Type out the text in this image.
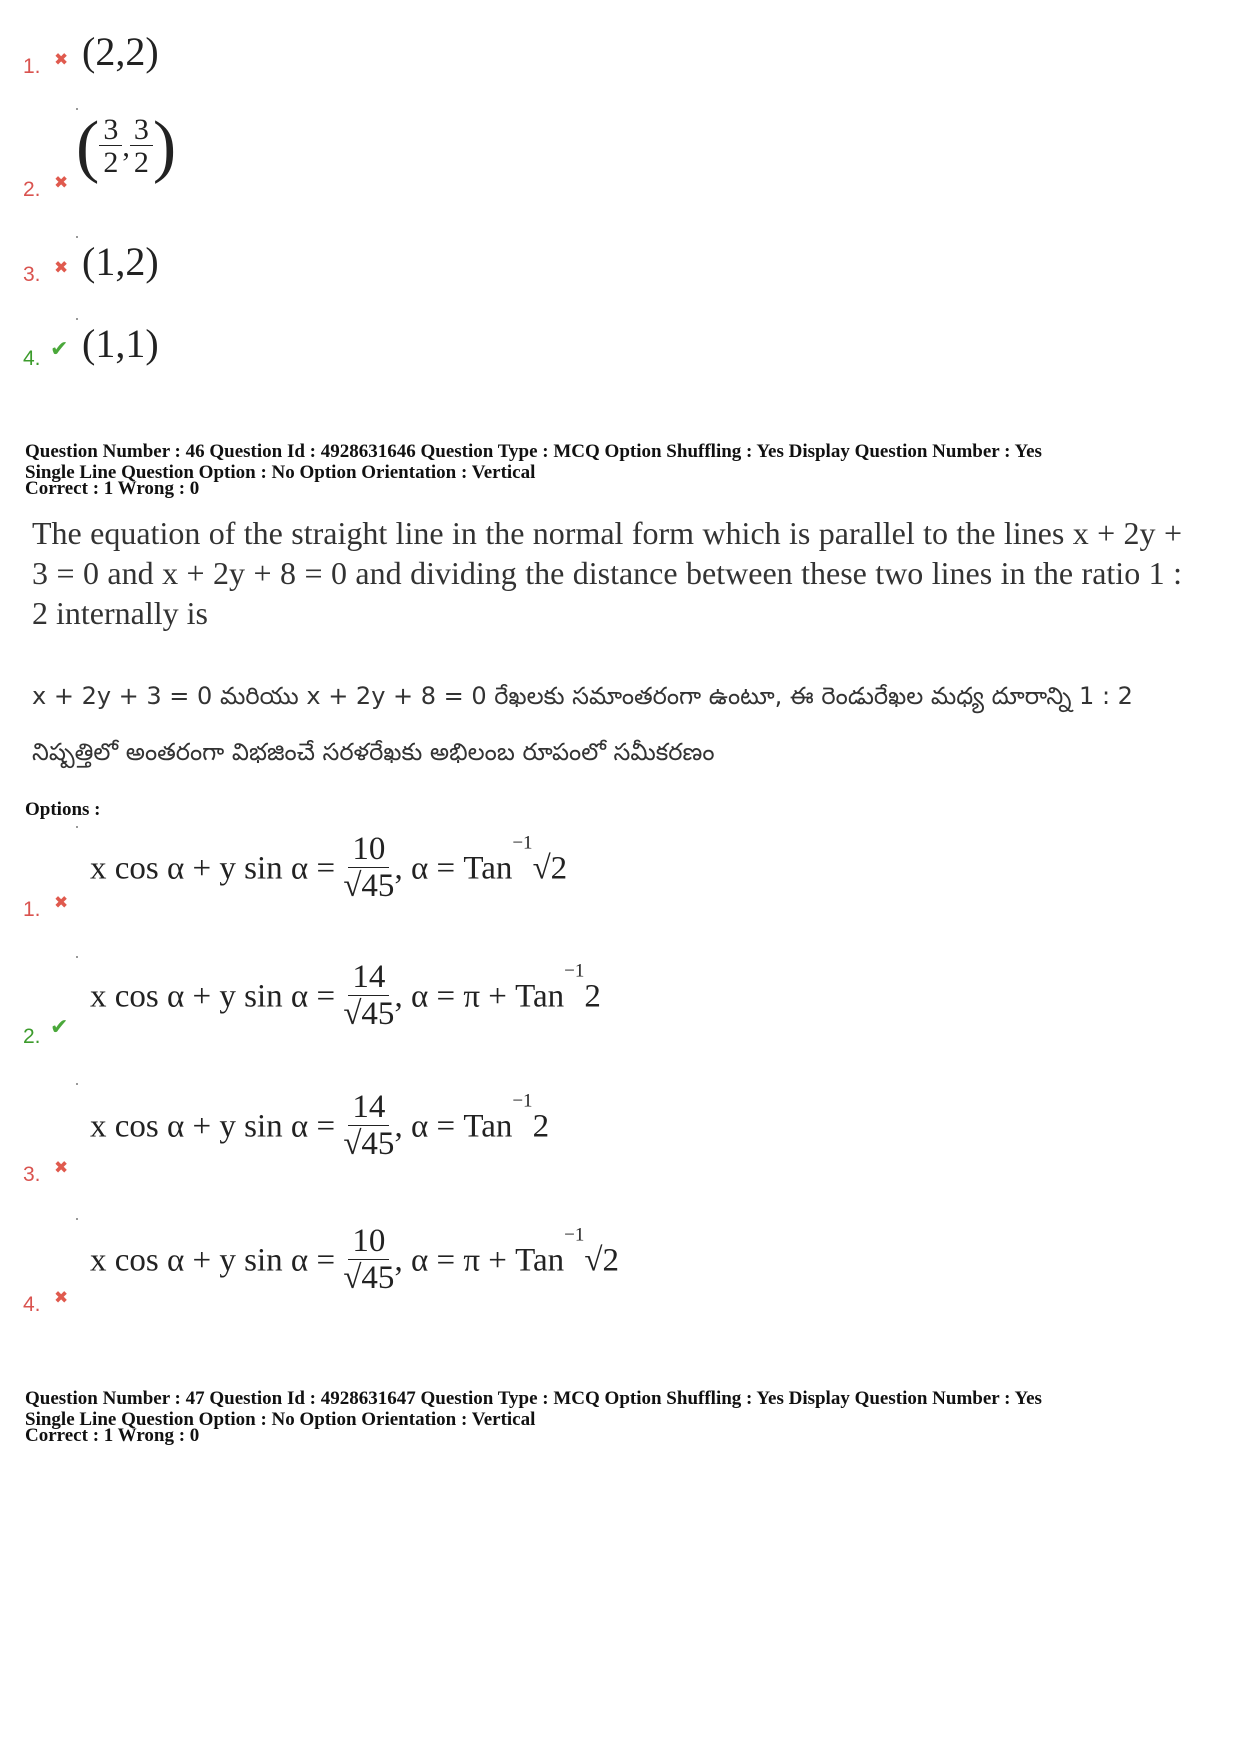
1. ✖ (2,2)
2. ✖ ( $\frac{3}{2}$ , $\frac{3}{2}$ )
3. ✖ (1,2)
4. ✔ (1,1)
Question Number : 46 Question Id : 4928631646 Question Type : MCQ Option Shuffling : Yes Display Question Number : Yes
Single Line Question Option : No Option Orientation : Vertical
Correct : 1 Wrong : 0
The equation of the straight line in the normal form which is parallel to the lines x + 2y + 3 = 0 and x + 2y + 8 = 0 and dividing the distance between these two lines in the ratio 1 : 2 internally is
x + 2y + 3 = 0 మరియు x + 2y + 8 = 0 రేఖలకు సమాంతరంగా ఉంటూ, ఈ రెండురేఖల మధ్య దూరాన్ని 1 : 2 నిష్పత్తిలో అంతరంగా విభజించే సరళరేఖకు అభిలంబ రూపంలో సమీకరణం
Options :
1. ✖
x cos α + y $\sin \alpha = \frac{10}{√45}$ , α = Tan$^{-1}$√2
2. ✔
x cos α + y $\sin \alpha = \frac{14}{√45}$ , α = π + Tan$^{-1}$2
3. ✖
x cos α + y $\sin \alpha = \frac{14}{√45}$ , α = Tan$^{-1}$2
4. ✖
x cos α + y $\sin \alpha = \frac{10}{√45}$ , α = π + Tan$^{-1}$√2
Question Number : 47 Question Id : 4928631647 Question Type : MCQ Option Shuffling : Yes Display Question Number : Yes
Single Line Question Option : No Option Orientation : Vertical
Correct : 1 Wrong : 0
